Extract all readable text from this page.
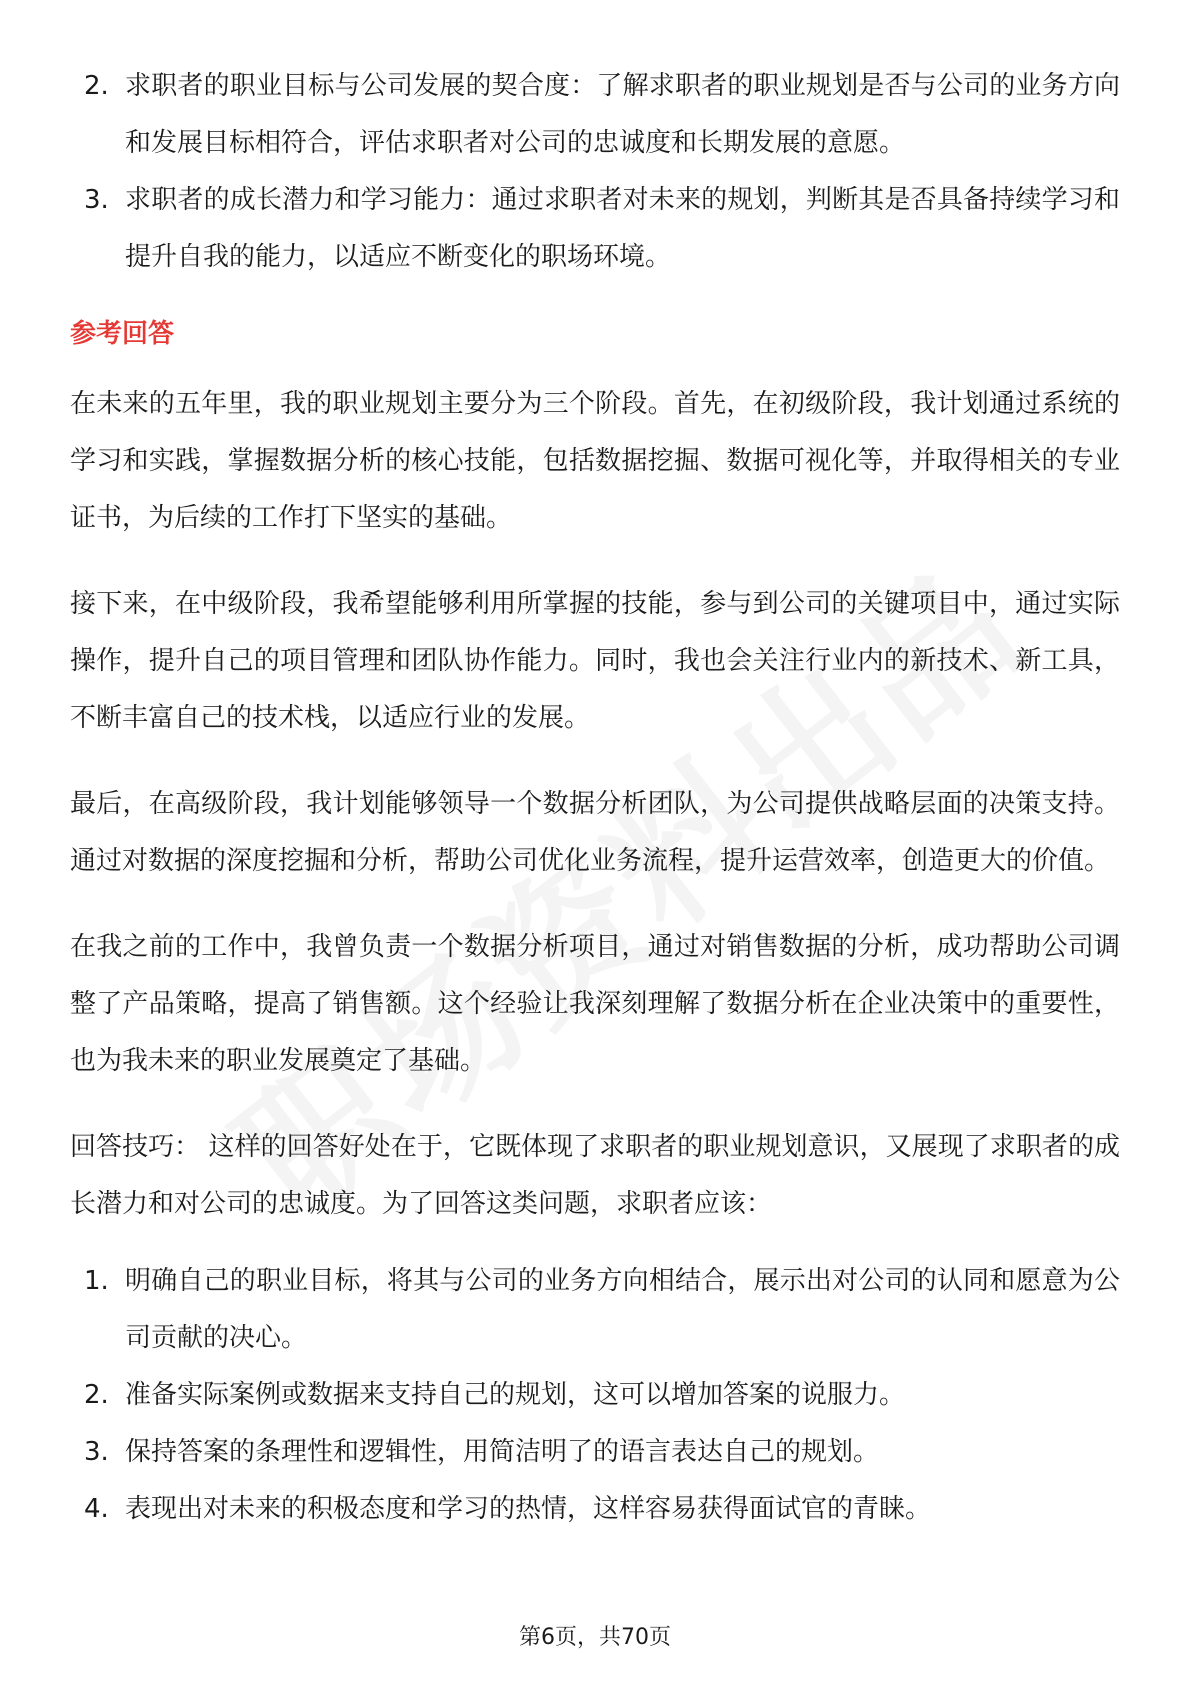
2. 求职者的职业目标与公司发展的契合度：了解求职者的职业规划是否与公司的业务方向和发展目标相符合，评估求职者对公司的忠诚度和长期发展的意愿。
3. 求职者的成长潜力和学习能力：通过求职者对未来的规划，判断其是否具备持续学习和提升自我的能力，以适应不断变化的职场环境。
参考回答

在未来的五年里，我的职业规划主要分为三个阶段。首先，在初级阶段，我计划通过系统的学习和实践，掌握数据分析的核心技能，包括数据挖掘、数据可视化等，并取得相关的专业证书，为后续的工作打下坚实的基础。

接下来，在中级阶段，我希望能够利用所掌握的技能，参与到公司的关键项目中，通过实际操作，提升自己的项目管理和团队协作能力。同时，我也会关注行业内的新技术、新工具，不断丰富自己的技术栈，以适应行业的发展。

最后，在高级阶段，我计划能够领导一个数据分析团队，为公司提供战略层面的决策支持。通过对数据的深度挖掘和分析，帮助公司优化业务流程，提升运营效率，创造更大的价值。

在我之前的工作中，我曾负责一个数据分析项目，通过对销售数据的分析，成功帮助公司调整了产品策略，提高了销售额。这个经验让我深刻理解了数据分析在企业决策中的重要性，也为我未来的职业发展奠定了基础。

回答技巧： 这样的回答好处在于，它既体现了求职者的职业规划意识，又展现了求职者的成长潜力和对公司的忠诚度。为了回答这类问题，求职者应该：

1. 明确自己的职业目标，将其与公司的业务方向相结合，展示出对公司的认同和愿意为公司贡献的决心。
2. 准备实际案例或数据来支持自己的规划，这可以增加答案的说服力。
3. 保持答案的条理性和逻辑性，用简洁明了的语言表达自己的规划。
4. 表现出对未来的积极态度和学习的热情，这样容易获得面试官的青睐。
第6页，共70页
